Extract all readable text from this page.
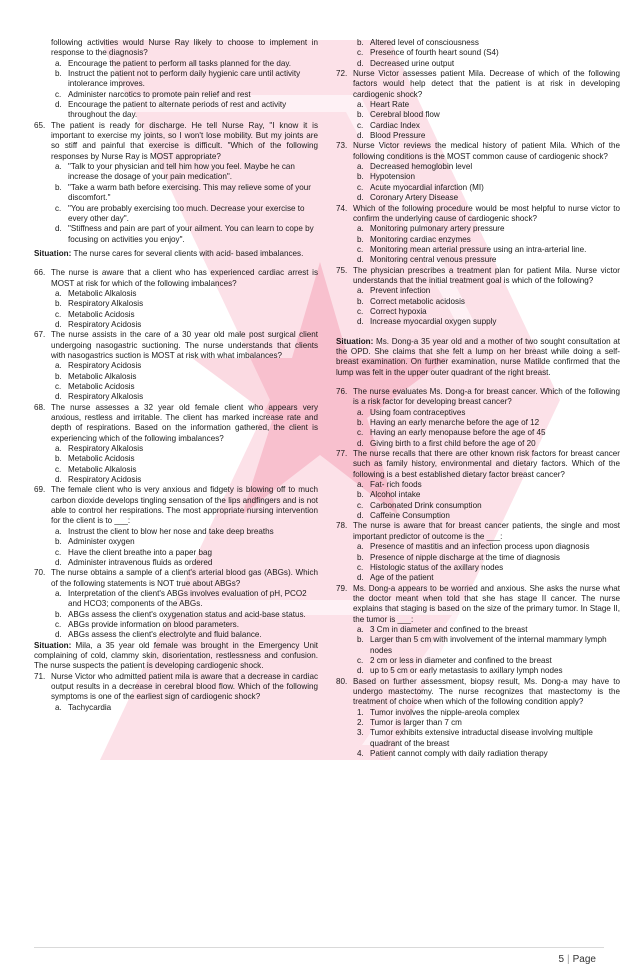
following activities would Nurse Ray likely to choose to implement in response to the diagnosis?
a. Encourage the patient to perform all tasks planned for the day.
b. Instruct the patient not to perform daily hygienic care until activity intolerance improves.
c. Administer narcotics to promote pain relief and rest
d. Encourage the patient to alternate periods of rest and activity throughout the day.
65. The patient is ready for discharge. He tell Nurse Ray, "I know it is important to exercise my joints, so I won't lose mobility. But my joints are so stiff and painful that exercise is difficult. "Which of the following responses by Nurse Ray is MOST appropriate?
a. "Talk to your physician and tell him how you feel. Maybe he can increase the dosage of your pain medication".
b. "Take a warm bath before exercising. This may relieve some of your discomfort."
c. "You are probably exercising too much. Decrease your exercise to every other day".
d. "Stiffness and pain are part of your ailment. You can learn to cope by focusing on activities you enjoy".
Situation: The nurse cares for several clients with acid- based imbalances.
66. The nurse is aware that a client who has experienced cardiac arrest is MOST at risk for which of the following imbalances?
a. Metabolic Alkalosis
b. Respiratory Alkalosis
c. Metabolic Acidosis
d. Respiratory Acidosis
67. The nurse assists in the care of a 30 year old male post surgical client undergoing nasogastric suctioning. The nurse understands that clients with nasogastrics suction is MOST at risk with what imbalances?
a. Respiratory Acidosis
b. Metabolic Alkalosis
c. Metabolic Acidosis
d. Respiratory Alkalosis
68. The nurse assesses a 32 year old female client who appears very anxious, restless and irritable. The client has marked increase rate and depth of respirations. Based on the information gathered, the client is experiencing which of the following imbalances?
a. Respiratory Alkalosis
b. Metabolic Acidosis
c. Metabolic Alkalosis
d. Respiratory Acidosis
69. The female client who is very anxious and fidgety is blowing off to much carbon dioxide develops tingling sensation of the lips andfingers and is not able to control her respirations. The most appropriate nursing intervention for the client is to ___:
a. Instrust the client to blow her nose and take deep breaths
b. Administer oxygen
c. Have the client breathe into a paper bag
d. Administer intravenous fluids as ordered
70. The nurse obtains a sample of a client's arterial blood gas (ABGs). Which of the following statements is NOT true about ABGs?
a. Interpretation of the client's ABGs involves evaluation of pH, PCO2 and HCO3; components of the ABGs.
b. ABGs assess the client's oxygenation status and acid-base status.
c. ABGs provide information on blood parameters.
d. ABGs assess the client's electrolyte and fluid balance.
Situation: Mila, a 35 year old female was brought in the Emergency Unit complaining of cold, clammy skin, disorientation, restlessness and confusion. The nurse suspects the patient is developing cardiogenic shock.
71. Nurse Victor who admitted patient mila is aware that a decrease in cardiac output results in a decrease in cerebral blood flow. Which of the following symptoms is one of the earliest sign of cardiogenic shock?
a. Tachycardia
b. Altered level of consciousness
c. Presence of fourth heart sound (S4)
d. Decreased urine output
72. Nurse Victor assesses patient Mila. Decrease of which of the following factors would help detect that the patient is at risk in developing cardiogenic shock?
a. Heart Rate
b. Cerebral blood flow
c. Cardiac Index
d. Blood Pressure
73. Nurse Victor reviews the medical history of patient Mila. Which of the following conditions is the MOST common cause of cardiogenic shock?
a. Decreased hemoglobin level
b. Hypotension
c. Acute myocardial infarction (MI)
d. Coronary Artery Disease
74. Which of the following procedure would be most helpful to nurse victor to confirm the underlying cause of cardiogenic shock?
a. Monitoring pulmonary artery pressure
b. Monitoring cardiac enzymes
c. Monitoring mean arterial pressure using an intra-arterial line.
d. Monitoring central venous pressure
75. The physician prescribes a treatment plan for patient Mila. Nurse victor understands that the initial treatment goal is which of the following?
a. Prevent infection
b. Correct metabolic acidosis
c. Correct hypoxia
d. Increase myocardial oxygen supply
Situation: Ms. Dong-a 35 year old and a mother of two sought consultation at the OPD. She claims that she felt a lump on her breast while doing a self- breast examination. On further examination, nurse Matilde confirmed that the lump was felt in the upper outer quadrant of the right breast.
76. The nurse evaluates Ms. Dong-a for breast cancer. Which of the following is a risk factor for developing breast cancer?
a. Using foam contraceptives
b. Having an early menarche before the age of 12
c. Having an early menopause before the age of 45
d. Giving birth to a first child before the age of 20
77. The nurse recalls that there are other known risk factors for breast cancer such as family history, environmental and dietary factors. Which of the following is a best established dietary factor breast cancer?
a. Fat- rich foods
b. Alcohol intake
c. Carbonated Drink consumption
d. Caffeine Consumption
78. The nurse is aware that for breast cancer patients, the single and most important predictor of outcome is the ___:
a. Presence of mastitis and an infection process upon diagnosis
b. Presence of nipple discharge at the time of diagnosis
c. Histologic status of the axillary nodes
d. Age of the patient
79. Ms. Dong-a appears to be worried and anxious. She asks the nurse what the doctor meant when told that she has stage II cancer. The nurse explains that staging is based on the size of the primary tumor. In Stage II, the tumor is ___:
a. 3 Cm in diameter and confined to the breast
b. Larger than 5 cm with involvement of the internal mammary lymph nodes
c. 2 cm or less in diameter and confined to the breast
d. up to 5 cm or early metastasis to axillary lymph nodes
80. Based on further assessment, biopsy result, Ms. Dong-a may have to undergo mastectomy. The nurse recognizes that mastectomy is the treatment of choice when which of the following condition apply?
1. Tumor involves the nipple-areola complex
2. Tumor is larger than 7 cm
3. Tumor exhibits extensive intraductal disease involving multiple quadrant of the breast
4. Patient cannot comply with daily radiation therapy
5 | Page
